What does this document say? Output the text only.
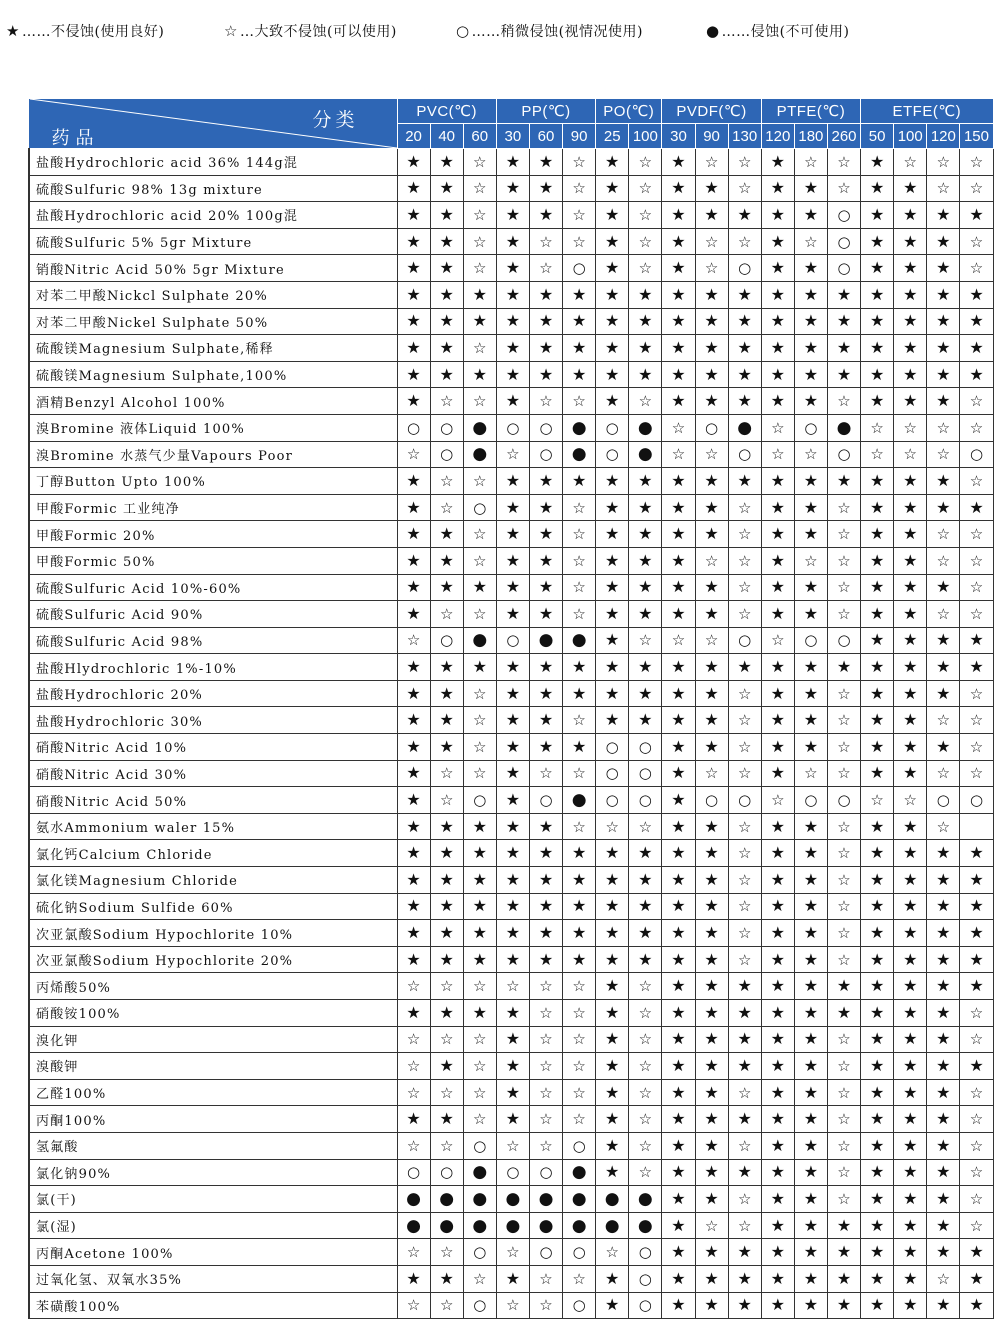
★ ……不侵蚀(使用良好)	☆ …大致不侵蚀(可以使用)	○ ……稍微侵蚀(视情况使用)	● ……侵蚀(不可使用)
分类
药品	PVC(℃)			PP(℃)			PO(℃)		PVDF(℃)			PTFE(℃)			ETFE(℃)			
	20	40	60	30	60	90	25	100	30	90	130	120	180	260	50	100	120	150
盐酸Hydrochloric acid 36% 144g混	★	★	☆	★	★	☆	★	☆	★	☆	☆	★	☆	☆	★	☆	☆	☆
硫酸Sulfuric 98% 13g mixture	★	★	☆	★	★	☆	★	☆	★	★	☆	★	★	☆	★	★	☆	☆
盐酸Hydrochloric acid 20% 100g混	★	★	☆	★	★	☆	★	☆	★	★	★	★	★	○	★	★	★	★
硫酸Sulfuric 5% 5gr Mixture	★	★	☆	★	☆	☆	★	☆	★	☆	☆	★	☆	○	★	★	★	☆
销酸Nitric Acid 50% 5gr Mixture	★	★	☆	★	☆	○	★	☆	★	☆	○	★	★	○	★	★	★	☆
对苯二甲酸Nickcl Sulphate 20%	★	★	★	★	★	★	★	★	★	★	★	★	★	★	★	★	★	★
对苯二甲酸Nickel Sulphate 50%	★	★	★	★	★	★	★	★	★	★	★	★	★	★	★	★	★	★
硫酸镁Magnesium Sulphate,稀释	★	★	☆	★	★	★	★	★	★	★	★	★	★	★	★	★	★	★
硫酸镁Magnesium Sulphate,100%	★	★	★	★	★	★	★	★	★	★	★	★	★	★	★	★	★	★
酒精Benzyl Alcohol 100%	★	☆	☆	★	☆	☆	★	☆	★	★	★	★	★	☆	★	★	★	☆
溴Bromine 液体Liquid 100%	○	○	●	○	○	●	○	●	☆	○	●	☆	○	●	☆	☆	☆	☆
溴Bromine 水蒸气少量Vapours Poor	☆	○	●	☆	○	●	○	●	☆	☆	○	☆	☆	○	☆	☆	☆	○
丁醇Button Upto 100%	★	☆	☆	★	★	★	★	★	★	★	★	★	★	★	★	★	★	☆
甲酸Formic 工业纯净	★	☆	○	★	★	☆	★	★	★	★	☆	★	★	☆	★	★	★	★
甲酸Formic 20%	★	★	☆	★	★	☆	★	★	★	★	☆	★	★	☆	★	★	☆	☆
甲酸Formic 50%	★	★	☆	★	★	☆	★	★	★	☆	☆	★	☆	☆	★	★	☆	☆
硫酸Sulfuric Acid 10%-60%	★	★	★	★	★	☆	★	★	★	★	☆	★	★	☆	★	★	★	☆
硫酸Sulfuric Acid 90%	★	☆	☆	★	★	☆	★	★	★	★	☆	★	★	☆	★	★	☆	☆
硫酸Sulfuric Acid 98%	☆	○	●	○	●	●	★	☆	☆	☆	○	☆	○	○	★	★	★	★
盐酸Hlydrochloric 1%-10%	★	★	★	★	★	★	★	★	★	★	★	★	★	★	★	★	★	★
盐酸Hydrochloric 20%	★	★	☆	★	★	★	★	★	★	★	☆	★	★	☆	★	★	★	☆
盐酸Hydrochloric 30%	★	★	☆	★	★	☆	★	★	★	★	☆	★	★	☆	★	★	☆	☆
硝酸Nitric Acid 10%	★	★	☆	★	★	★	○	○	★	★	☆	★	★	☆	★	★	★	☆
硝酸Nitric Acid 30%	★	☆	☆	★	☆	☆	○	○	★	☆	☆	★	☆	☆	★	★	☆	☆
硝酸Nitric Acid 50%	★	☆	○	★	○	●	○	○	★	○	○	☆	○	○	☆	☆	○	○
氨水Ammonium waler 15%	★	★	★	★	★	☆	☆	☆	★	★	☆	★	★	☆	★	★	☆	
氯化钙Calcium Chloride	★	★	★	★	★	★	★	★	★	★	☆	★	★	☆	★	★	★	★
氯化镁Magnesium Chloride	★	★	★	★	★	★	★	★	★	★	☆	★	★	☆	★	★	★	★
硫化钠Sodium Sulfide 60%	★	★	★	★	★	★	★	★	★	★	☆	★	★	☆	★	★	★	★
次亚氯酸Sodium Hypochlorite 10%	★	★	★	★	★	★	★	★	★	★	☆	★	★	☆	★	★	★	★
次亚氯酸Sodium Hypochlorite 20%	★	★	★	★	★	★	★	★	★	★	☆	★	★	☆	★	★	★	★
丙烯酸50%	☆	☆	☆	☆	☆	☆	★	☆	★	★	★	★	★	★	★	★	★	★
硝酸铵100%	★	★	★	★	☆	☆	★	☆	★	★	★	★	★	★	★	★	★	☆
溴化钾	☆	☆	☆	★	☆	☆	★	☆	★	★	★	★	★	☆	★	★	★	☆
溴酸钾	☆	★	☆	★	☆	☆	★	☆	★	★	★	★	★	☆	★	★	★	★
乙醛100%	☆	☆	☆	★	☆	☆	★	☆	★	★	☆	★	★	☆	★	★	★	☆
丙酮100%	★	★	☆	★	☆	☆	★	☆	★	★	★	★	★	☆	★	★	★	☆
氢氟酸	☆	☆	○	☆	☆	○	★	☆	★	★	☆	★	★	☆	★	★	★	☆
氯化钠90%	○	○	●	○	○	●	★	☆	★	★	★	★	★	☆	★	★	★	☆
氯(干)	●	●	●	●	●	●	●	●	★	★	☆	★	★	☆	★	★	★	☆
氯(湿)	●	●	●	●	●	●	●	●	★	☆	☆	★	★	★	★	★	★	☆
丙酮Acetone 100%	☆	☆	○	☆	○	○	☆	○	★	★	★	★	★	★	★	★	★	★
过氧化氢、双氧水35%	★	★	☆	★	☆	☆	★	○	★	★	★	★	★	★	★	★	☆	★
苯磺酸100%	☆	☆	○	☆	☆	○	★	○	★	★	★	★	★	★	★	★	★	★
